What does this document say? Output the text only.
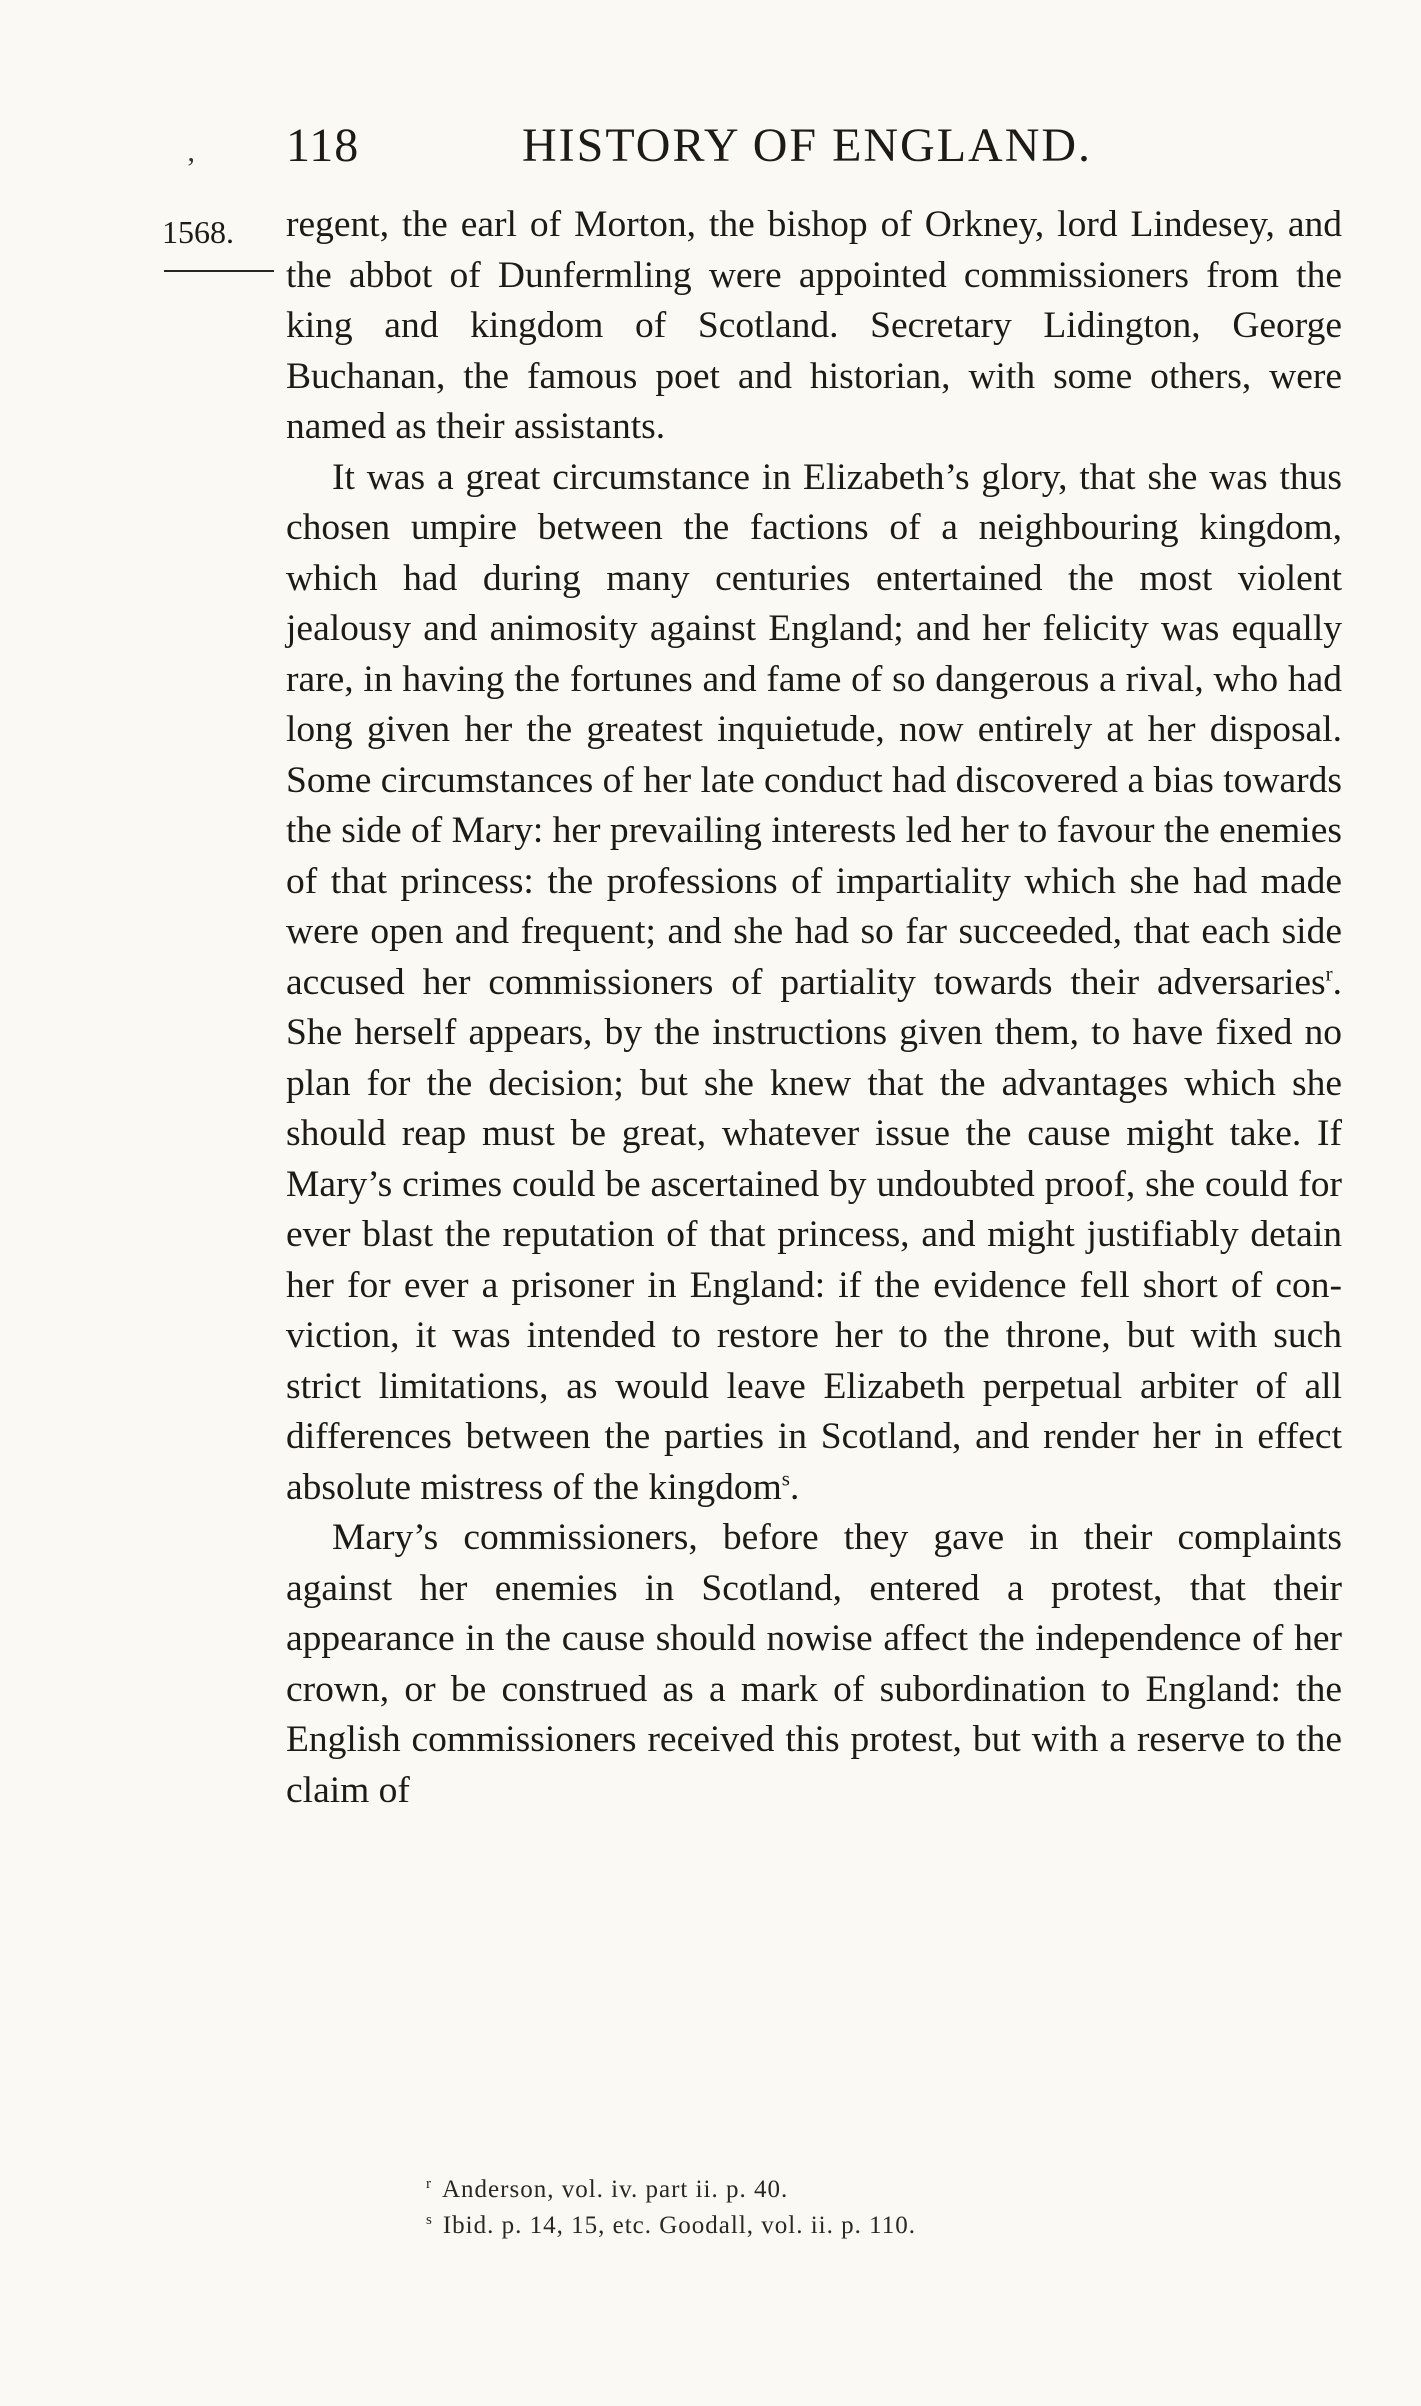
‚ 118	HISTORY OF ENGLAND.
1568. regent, the earl of Morton, the bishop of Orkney, lord Lindesey, and the abbot of Dunfermling were appointed commissioners from the king and kingdom of Scotland. Secretary Lidington, George Buchanan, the famous poet and historian, with some others, were named as their assistants.

It was a great circumstance in Elizabeth’s glory, that she was thus chosen umpire between the factions of a neighbouring kingdom, which had during many centuries entertained the most violent jealousy and animosity against England; and her felicity was equally rare, in having the fortunes and fame of so dangerous a rival, who had long given her the greatest inquietude, now entirely at her disposal. Some circumstances of her late conduct had discovered a bias towards the side of Mary: her prevailing interests led her to favour the enemies of that princess: the professions of impartiality which she had made were open and frequent; and she had so far succeeded, that each side accused her commissioners of partiality towards their adversaries$^r$. She herself appears, by the instructions given them, to have fixed no plan for the decision; but she knew that the advantages which she should reap must be great, whatever issue the cause might take. If Mary’s crimes could be ascertained by undoubted proof, she could for ever blast the reputation of that princess, and might justifiably detain her for ever a prisoner in England: if the evidence fell short of conviction, it was intended to restore her to the throne, but with such strict limitations, as would leave Elizabeth perpetual arbiter of all differences between the parties in Scotland, and render her in effect absolute mistress of the kingdom$^s$.

Mary’s commissioners, before they gave in their complaints against her enemies in Scotland, entered a protest, that their appearance in the cause should nowise affect the independence of her crown, or be construed as a mark of subordination to England: the English commissioners received this protest, but with a reserve to the claim of

$^r$ Anderson, vol. iv. part ii. p. 40.

$^s$ Ibid. p. 14, 15, etc. Goodall, vol. ii. p. 110.
